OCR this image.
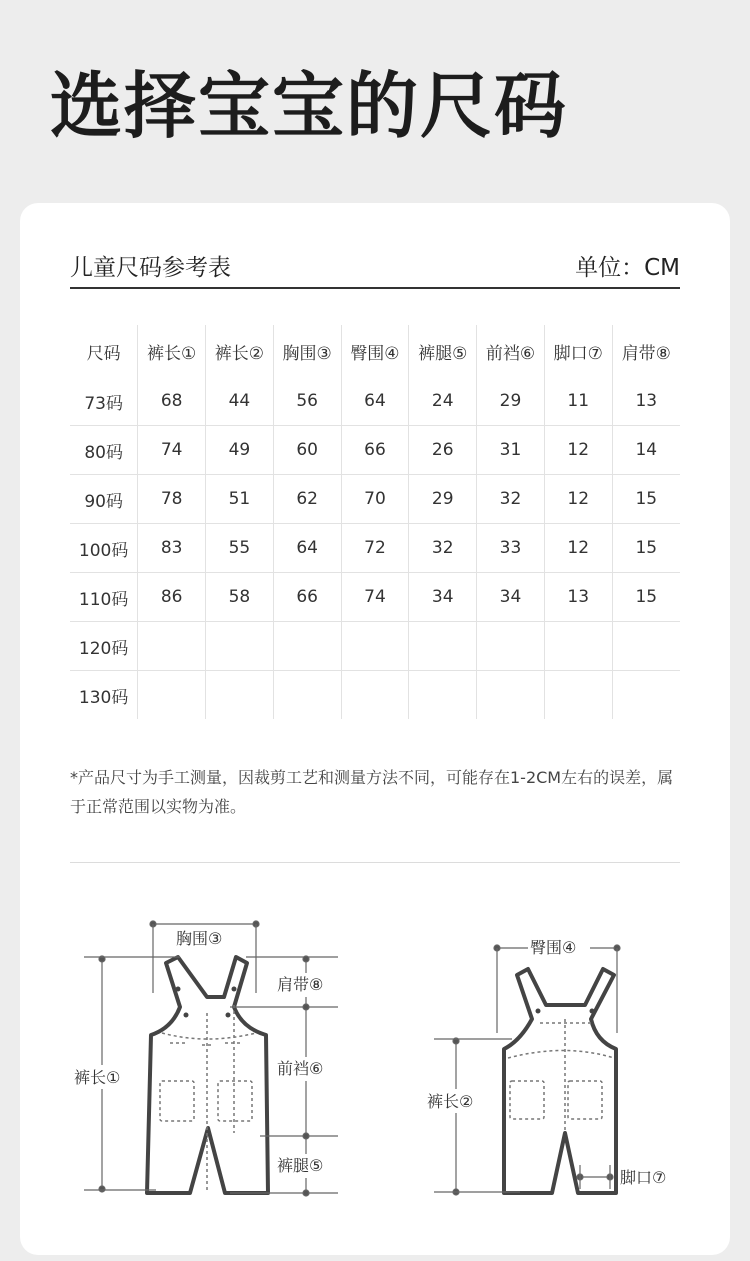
选择宝宝的尺码
儿童尺码参考表	单位：CM
尺码	裤长①	裤长②	胸围③	臀围④	裤腿⑤	前裆⑥	脚口⑦	肩带⑧
73码	68	44	56	64	24	29	11	13
80码	74	49	60	66	26	31	12	14
90码	78	51	62	70	29	32	12	15
100码	83	55	64	72	32	33	12	15
110码	86	58	66	74	34	34	13	15
120码								
130码								
*产品尺寸为手工测量，因裁剪工艺和测量方法不同，可能存在1-2CM左右的误差，属于正常范围以实物为准。
胸围③
裤长①
肩带⑧
前裆⑥
裤腿⑤
臀围④
裤长②
脚口⑦
